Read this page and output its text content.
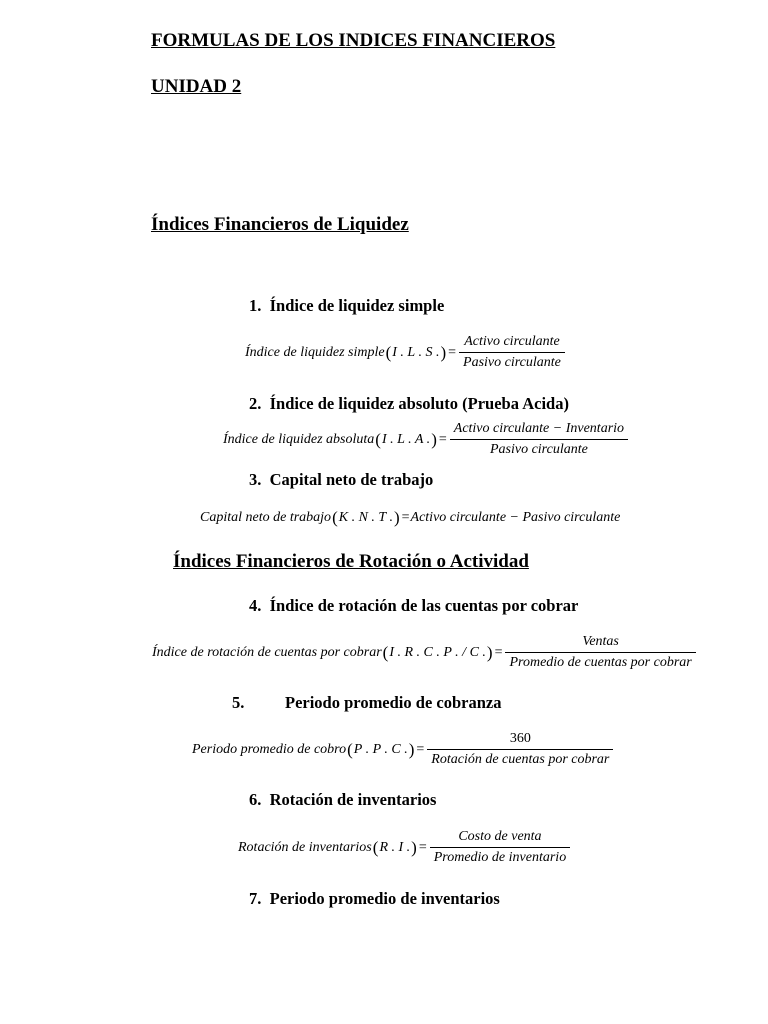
FORMULAS DE LOS INDICES FINANCIEROS
UNIDAD 2
Índices Financieros de Liquidez
1. Índice de liquidez simple
Índice de liquidez simple ( I . L . S . ) = $\frac{\text{Activo circulante}}{\text{Pasivo circulante}}$
2. Índice de liquidez absoluto (Prueba Acida)
Índice de liquidez absoluta ( I . L . A . ) = $\frac{\text{Activo circulante − Inventario}}{\text{Pasivo circulante}}$
3. Capital neto de trabajo
Capital neto de trabajo ( K . N . T . ) = Activo circulante − Pasivo circulante
Índices Financieros de Rotación o Actividad
4. Índice de rotación de las cuentas por cobrar
Índice de rotación de cuentas por cobrar ( I . R . C . P . / C . ) = $\frac{\text{Ventas}}{\text{Promedio de cuentas por cobrar}}$
5. Periodo promedio de cobranza
Periodo promedio de cobro ( P . P . C . ) = $\frac{360}{\text{Rotación de cuentas por cobrar}}$
6. Rotación de inventarios
Rotación de inventarios ( R . I . ) = $\frac{\text{Costo de venta}}{\text{Promedio de inventario}}$
7. Periodo promedio de inventarios
